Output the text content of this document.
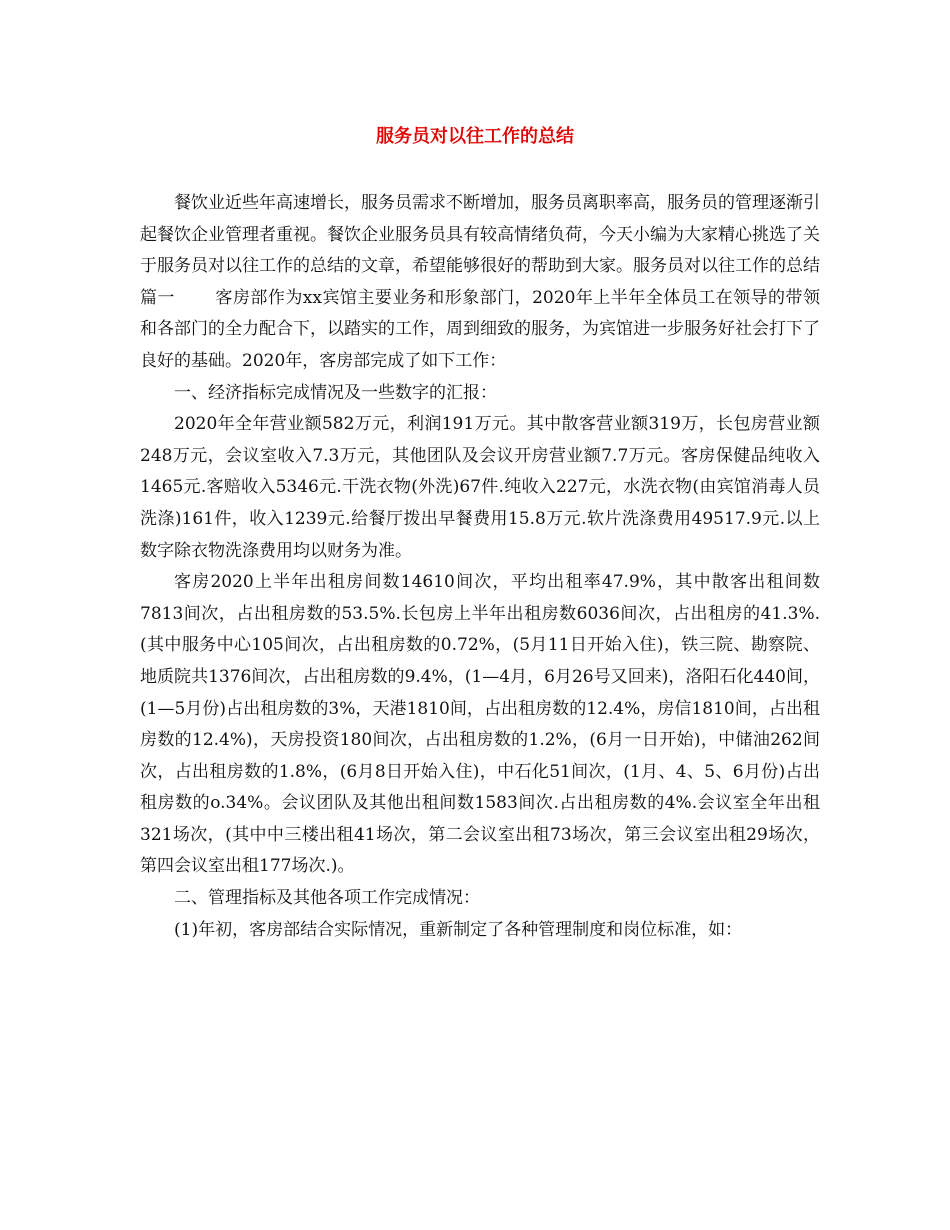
服务员对以往工作的总结

餐饮业近些年高速增长，服务员需求不断增加，服务员离职率高，服务员的管理逐渐引起餐饮企业管理者重视。餐饮企业服务员具有较高情绪负荷，今天小编为大家精心挑选了关于服务员对以往工作的总结的文章，希望能够很好的帮助到大家。服务员对以往工作的总结篇一 客房部作为xx宾馆主要业务和形象部门，2020年上半年全体员工在领导的带领和各部门的全力配合下，以踏实的工作，周到细致的服务，为宾馆进一步服务好社会打下了良好的基础。2020年，客房部完成了如下工作：

一、经济指标完成情况及一些数字的汇报：

2020年全年营业额582万元，利润191万元。其中散客营业额319万，长包房营业额248万元，会议室收入7.3万元，其他团队及会议开房营业额7.7万元。客房保健品纯收入1465元.客赔收入5346元.干洗衣物(外洗)67件.纯收入227元，水洗衣物(由宾馆消毒人员洗涤)161件，收入1239元.给餐厅拨出早餐费用15.8万元.软片洗涤费用49517.9元.以上数字除衣物洗涤费用均以财务为准。

客房2020上半年出租房间数14610间次，平均出租率47.9%，其中散客出租间数7813间次，占出租房数的53.5%.长包房上半年出租房数6036间次，占出租房的41.3%.(其中服务中心105间次，占出租房数的0.72%，(5月11日开始入住)，铁三院、勘察院、地质院共1376间次，占出租房数的9.4%，(1—4月，6月26号又回来)，洛阳石化440间，(1—5月份)占出租房数的3%，天港1810间，占出租房数的12.4%，房信1810间，占出租房数的12.4%)，天房投资180间次，占出租房数的1.2%，(6月一日开始)，中储油262间次，占出租房数的1.8%，(6月8日开始入住)，中石化51间次，(1月、4、5、6月份)占出租房数的o.34%。会议团队及其他出租间数1583间次.占出租房数的4%.会议室全年出租321场次，(其中中三楼出租41场次，第二会议室出租73场次，第三会议室出租29场次，第四会议室出租177场次.)。

二、管理指标及其他各项工作完成情况：

(1)年初，客房部结合实际情况，重新制定了各种管理制度和岗位标准，如：
